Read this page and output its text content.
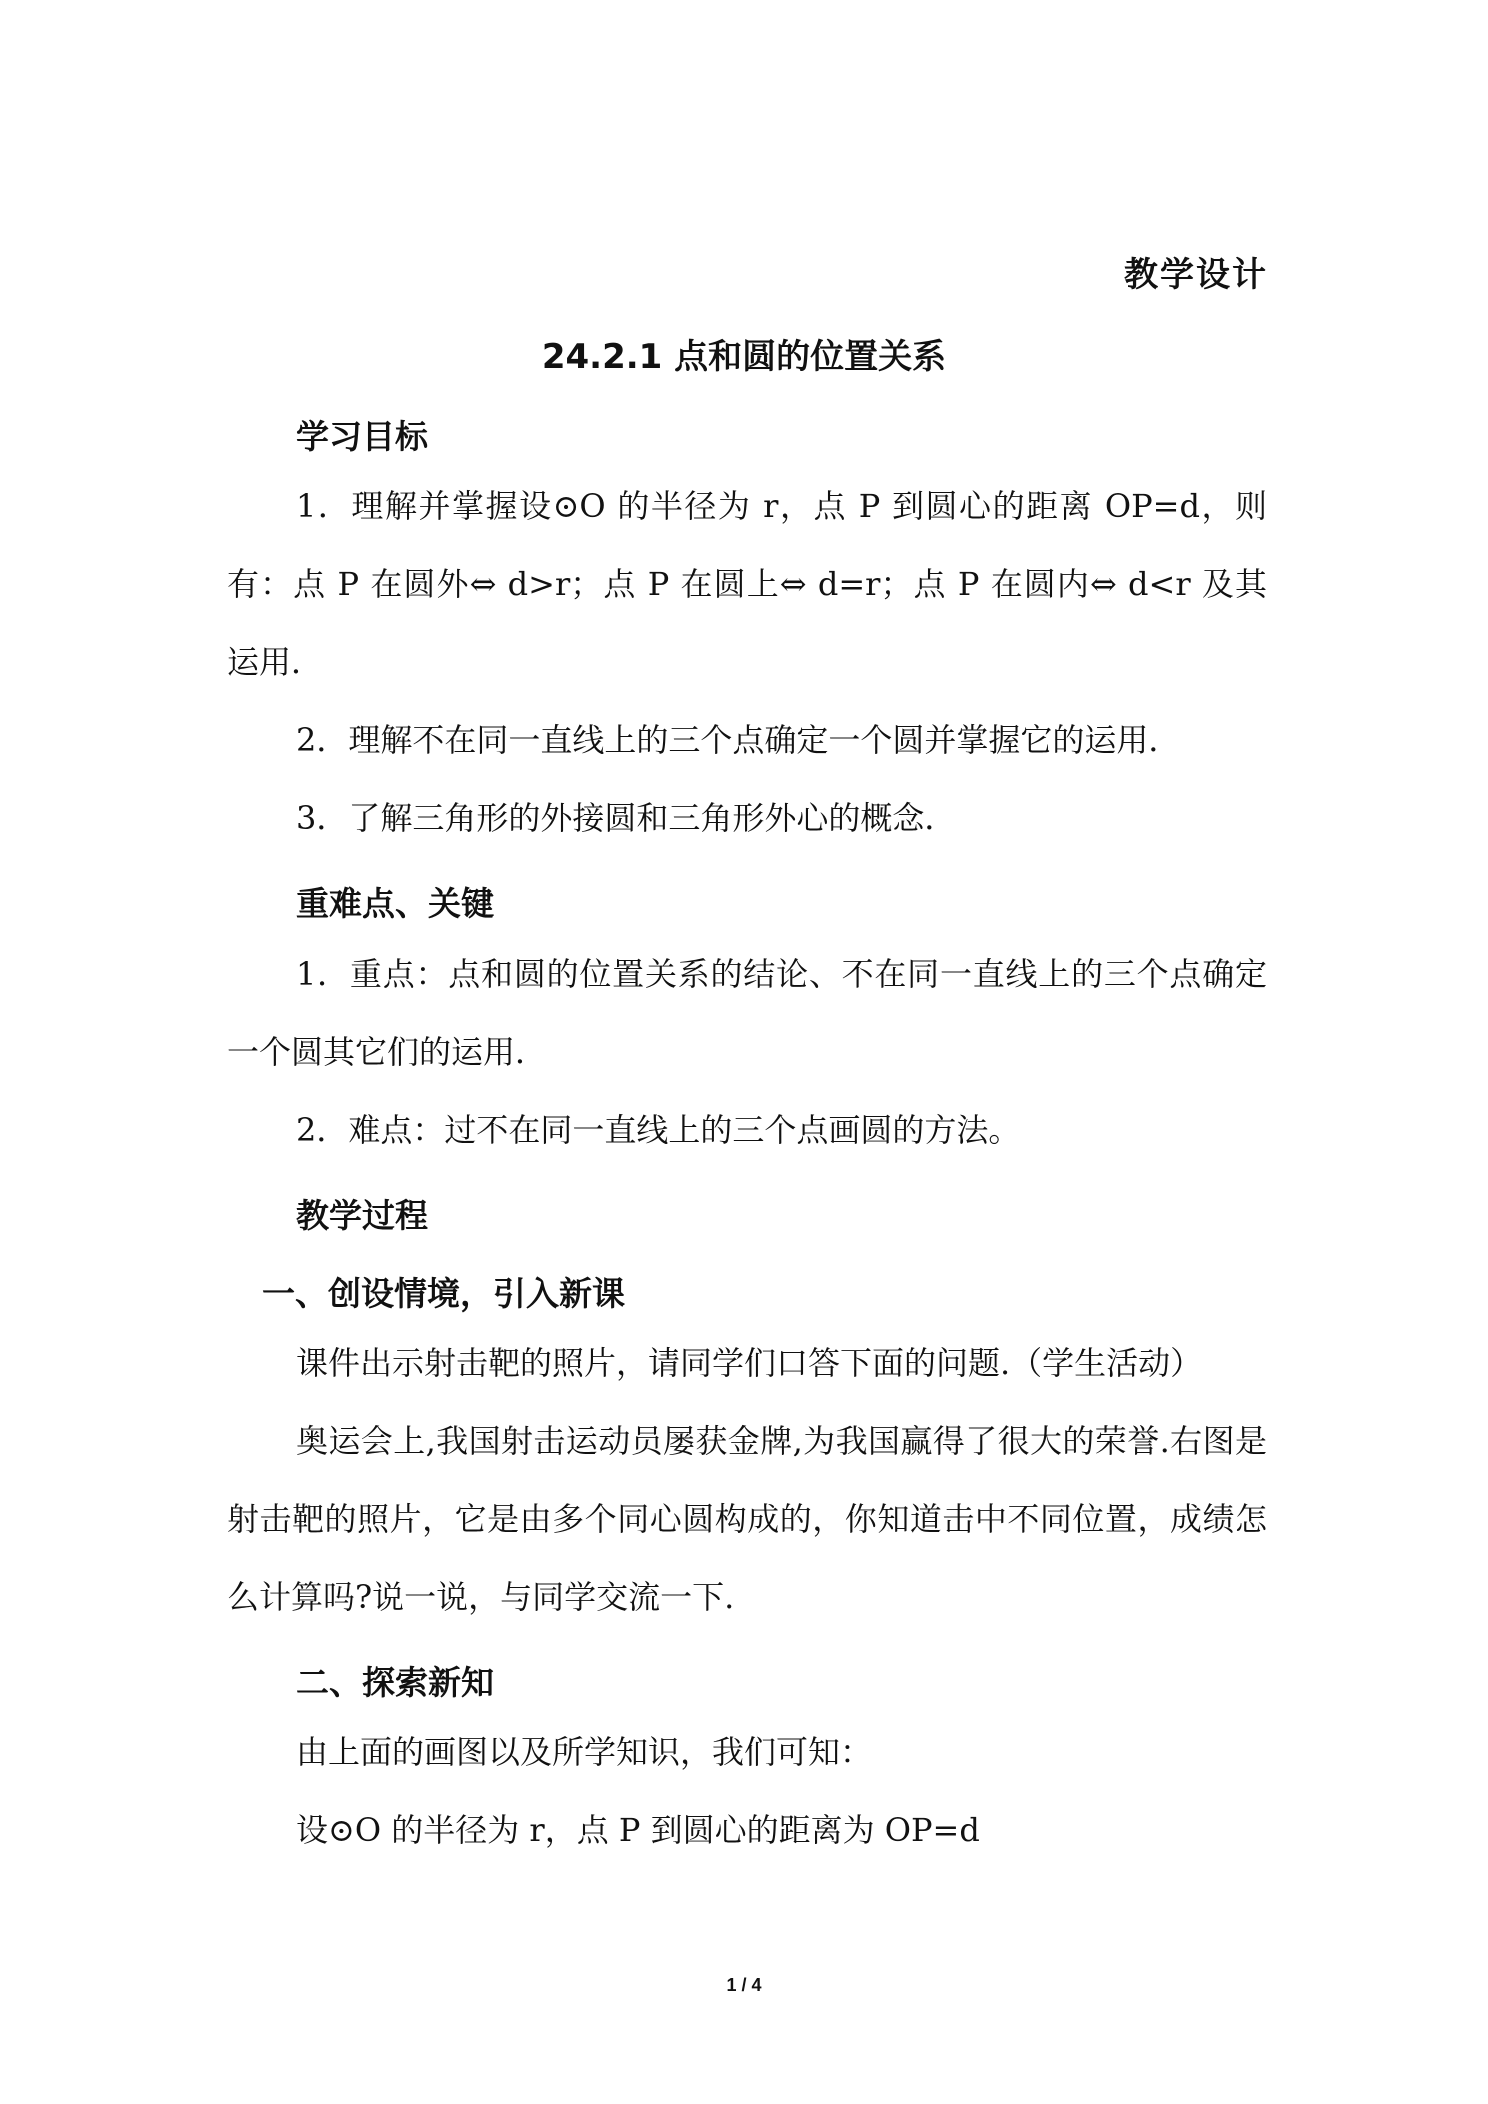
教学设计
24.2.1 点和圆的位置关系
学习目标

1．理解并掌握设⊙O 的半径为 r，点 P 到圆心的距离 OP=d，则有：点 P 在圆外⇔ d>r；点 P 在圆上⇔ d=r；点 P 在圆内⇔ d<r 及其运用．

2．理解不在同一直线上的三个点确定一个圆并掌握它的运用．

3．了解三角形的外接圆和三角形外心的概念．

重难点、关键

1．重点：点和圆的位置关系的结论、不在同一直线上的三个点确定一个圆其它们的运用．

2．难点：过不在同一直线上的三个点画圆的方法。

教学过程
一、创设情境，引入新课

课件出示射击靶的照片，请同学们口答下面的问题.（学生活动）

奥运会上,我国射击运动员屡获金牌,为我国赢得了很大的荣誉.右图是射击靶的照片，它是由多个同心圆构成的，你知道击中不同位置，成绩怎么计算吗?说一说，与同学交流一下.

二、探索新知

由上面的画图以及所学知识，我们可知：

设⊙O 的半径为 r，点 P 到圆心的距离为 OP=d

1 / 4
